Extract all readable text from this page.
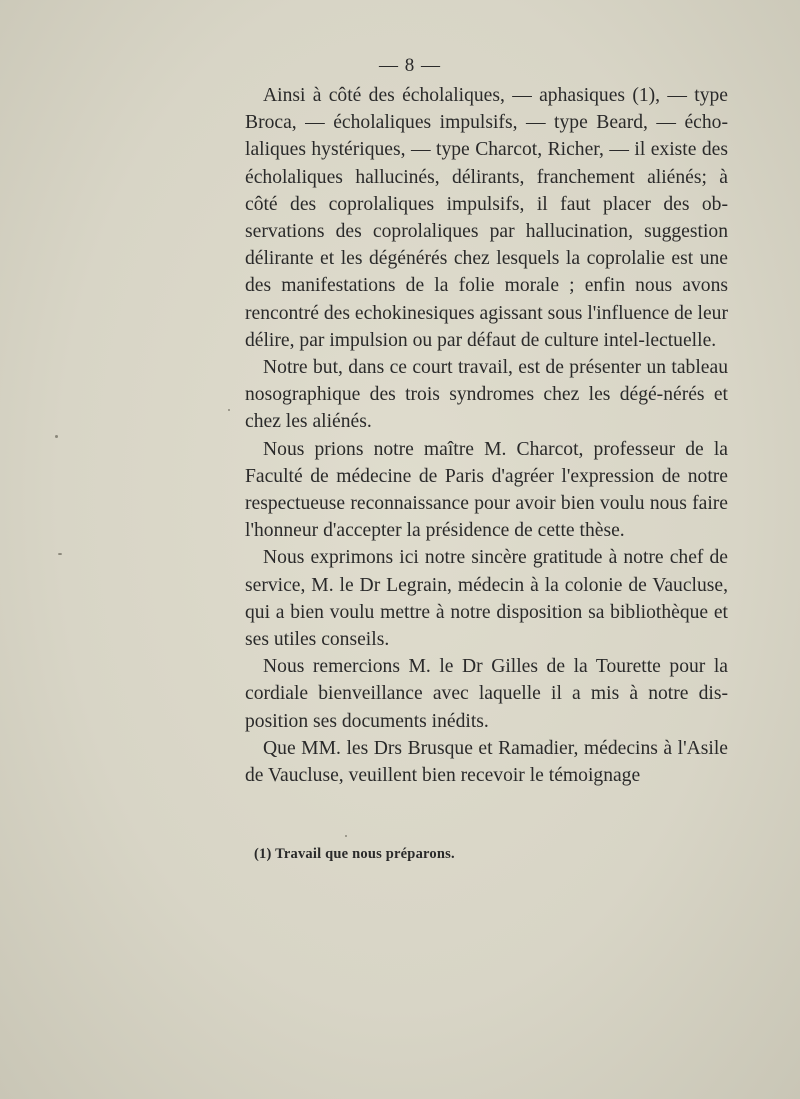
— 8 —

Ainsi à côté des écholaliques, — aphasiques (1), — type Broca, — écholaliques impulsifs, — type Beard, — écho-laliques hystériques, — type Charcot, Richer, — il existe des écholaliques hallucinés, délirants, franchement aliénés; à côté des coprolaliques impulsifs, il faut placer des ob-servations des coprolaliques par hallucination, suggestion délirante et les dégénérés chez lesquels la coprolalie est une des manifestations de la folie morale ; enfin nous avons rencontré des echokinesiques agissant sous l'influence de leur délire, par impulsion ou par défaut de culture intel-lectuelle.

Notre but, dans ce court travail, est de présenter un tableau nosographique des trois syndromes chez les dégé-nérés et chez les aliénés.

Nous prions notre maître M. Charcot, professeur de la Faculté de médecine de Paris d'agréer l'expression de notre respectueuse reconnaissance pour avoir bien voulu nous faire l'honneur d'accepter la présidence de cette thèse.

Nous exprimons ici notre sincère gratitude à notre chef de service, M. le Dr Legrain, médecin à la colonie de Vaucluse, qui a bien voulu mettre à notre disposition sa bibliothèque et ses utiles conseils.

Nous remercions M. le Dr Gilles de la Tourette pour la cordiale bienveillance avec laquelle il a mis à notre dis-position ses documents inédits.

Que MM. les Drs Brusque et Ramadier, médecins à l'Asile de Vaucluse, veuillent bien recevoir le témoignage

(1) Travail que nous préparons.
